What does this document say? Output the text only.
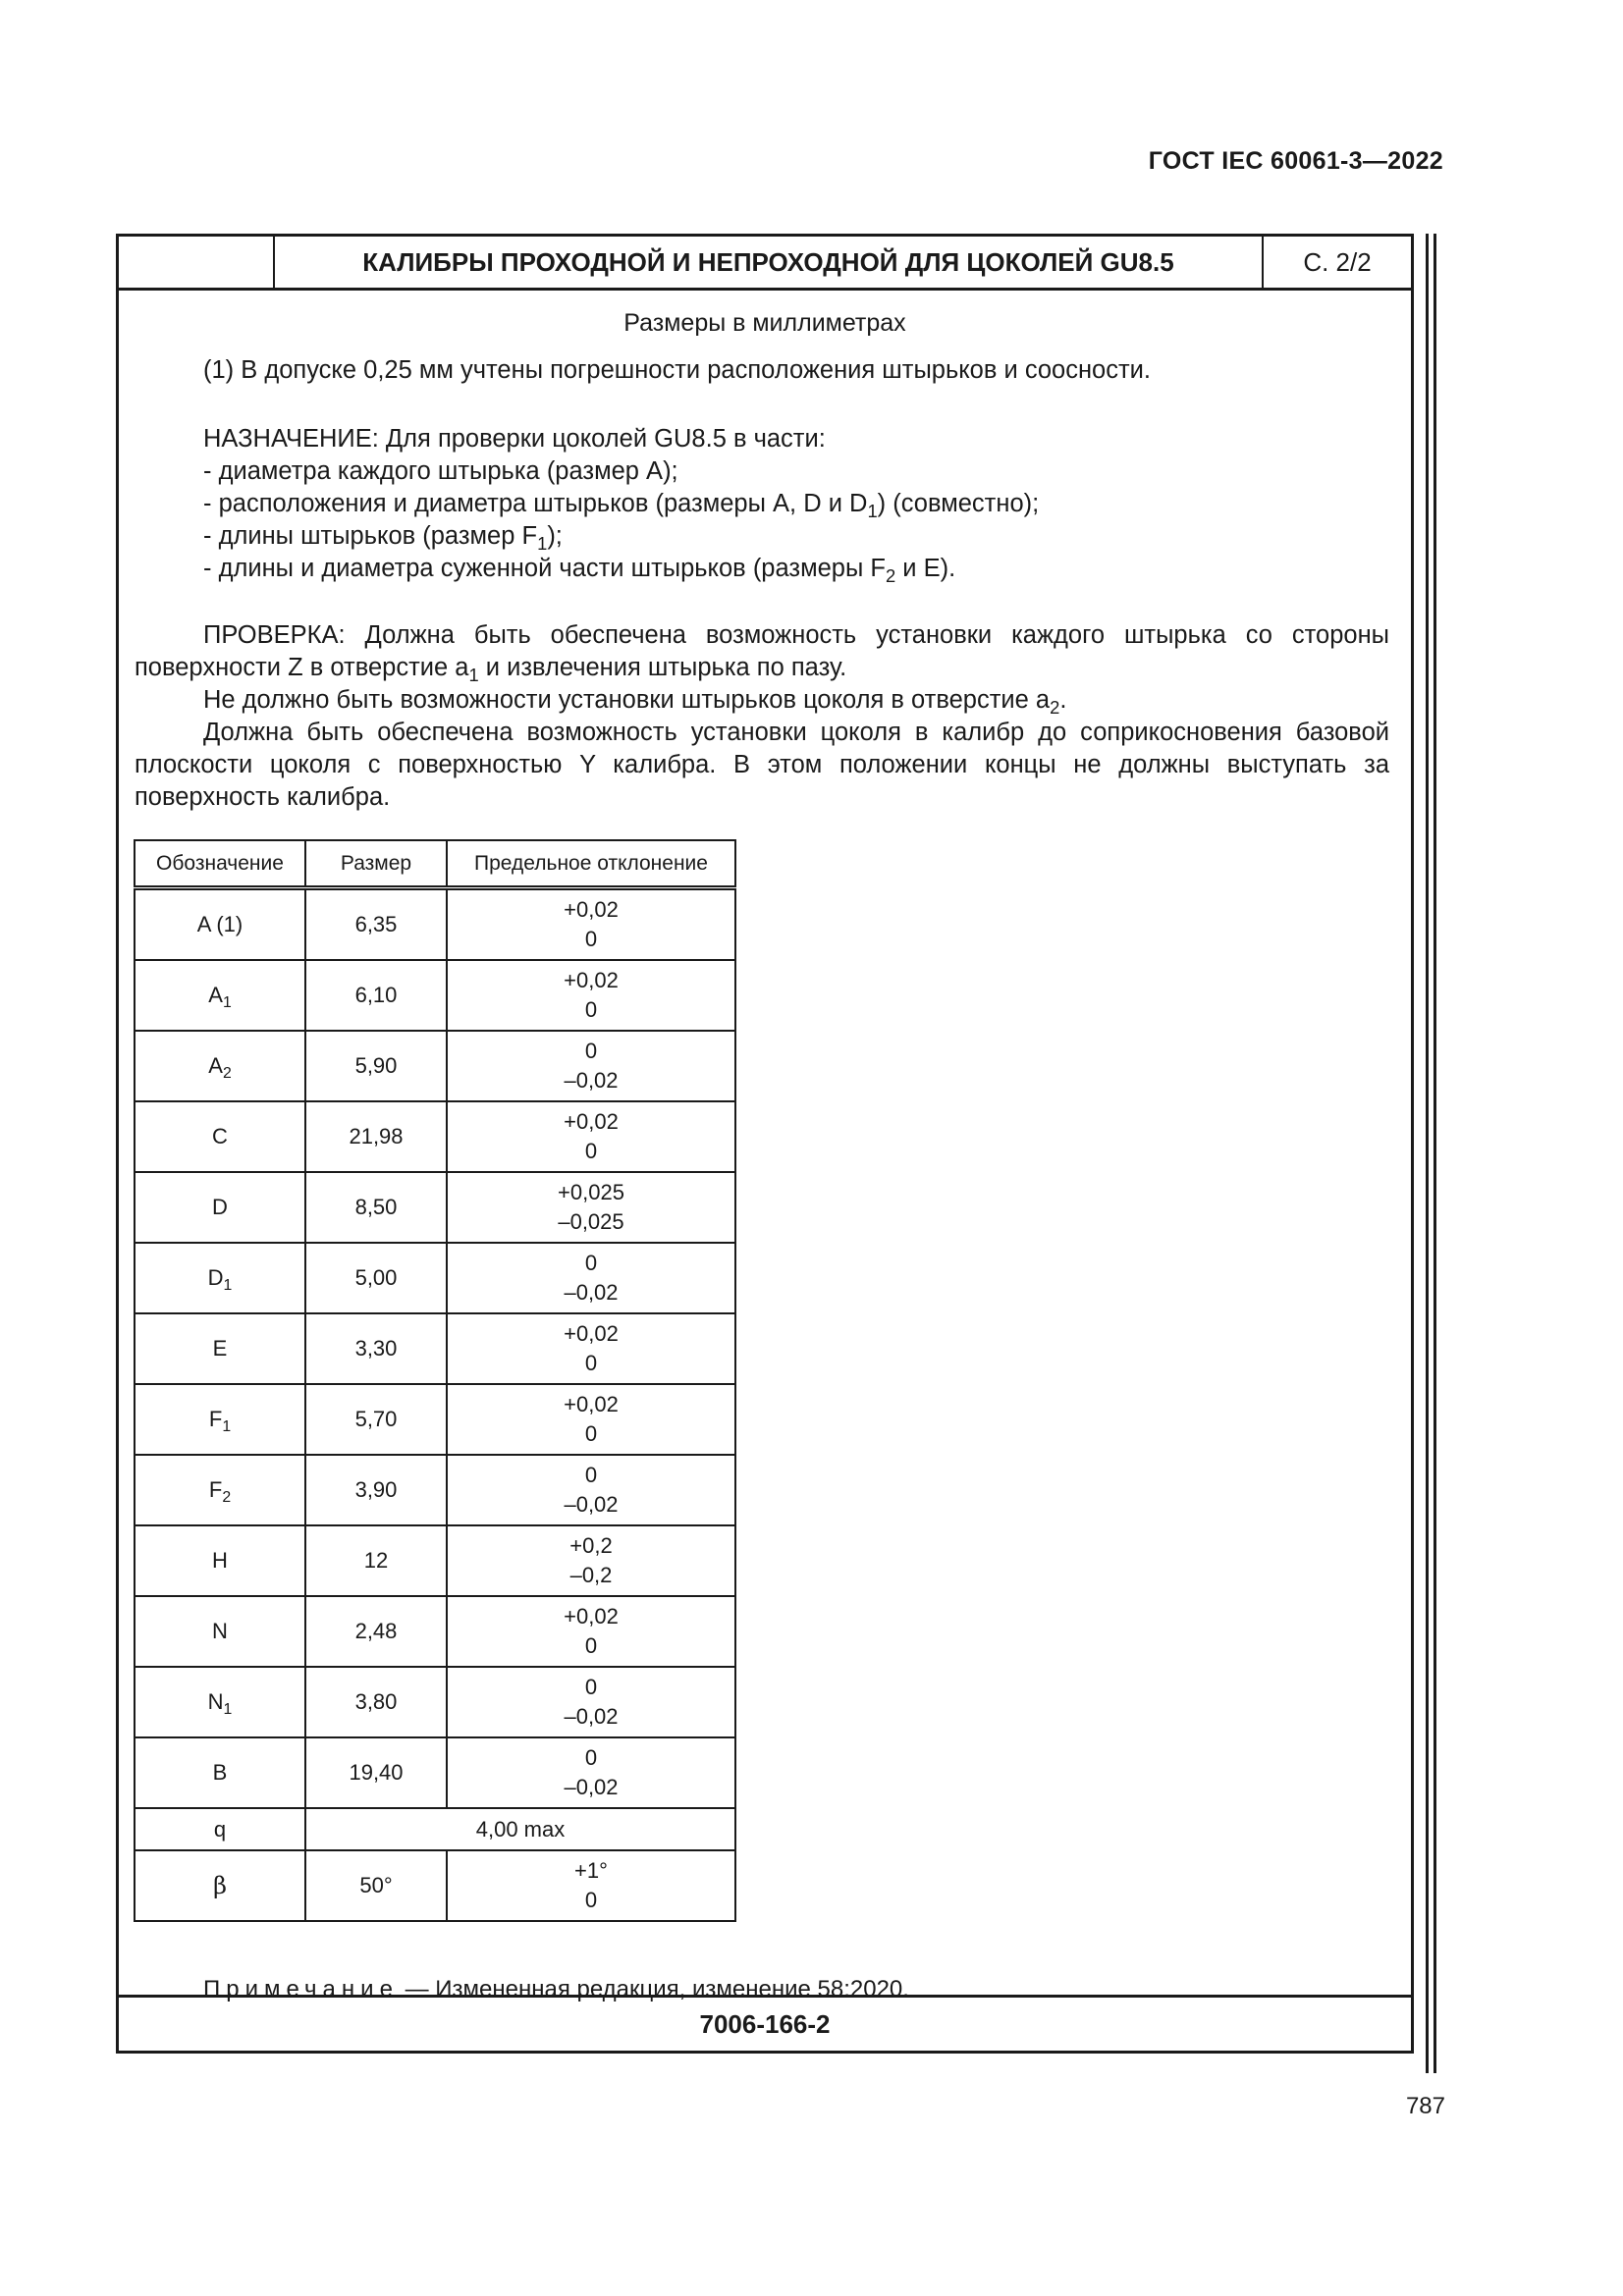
ГОСТ IEC 60061-3—2022
КАЛИБРЫ ПРОХОДНОЙ И НЕПРОХОДНОЙ ДЛЯ ЦОКОЛЕЙ GU8.5	С. 2/2
Размеры в миллиметрах
(1) В допуске 0,25 мм учтены погрешности расположения штырьков и соосности.
НАЗНАЧЕНИЕ: Для проверки цоколей GU8.5 в части:
- диаметра каждого штырька (размер A);
- расположения и диаметра штырьков (размеры A, D и $D_1$) (совместно);
- длины штырьков (размер $F_1$);
- длины и диаметра суженной части штырьков (размеры $F_2$ и E).
ПРОВЕРКА: Должна быть обеспечена возможность установки каждого штырька со стороны поверхности Z в отверстие $a_1$ и извлечения штырька по пазу.
Не должно быть возможности установки штырьков цоколя в отверстие $a_2$.
Должна быть обеспечена возможность установки цоколя в калибр до соприкосновения базовой плоскости цоколя с поверхностью Y калибра. В этом положении концы не должны выступать за поверхность калибра.
Обозначение	Размер	Предельное отклонение
A (1)	6,35	+0,02
0

$A_1$	6,10	+0,02
0

$A_2$	5,90	0
–0,02

C	21,98	+0,02
0

D	8,50	+0,025
–0,025

$D_1$	5,00	0
–0,02

E	3,30	+0,02
0

$F_1$	5,70	+0,02
0

$F_2$	3,90	0
–0,02

H	12	+0,2
–0,2

N	2,48	+0,02
0

$N_1$	3,80	0
–0,02

B	19,40	0
–0,02

q	4,00 max	
β	50°	+1°
0
Примечание — Измененная редакция, изменение 58:2020.
7006-166-2
787
